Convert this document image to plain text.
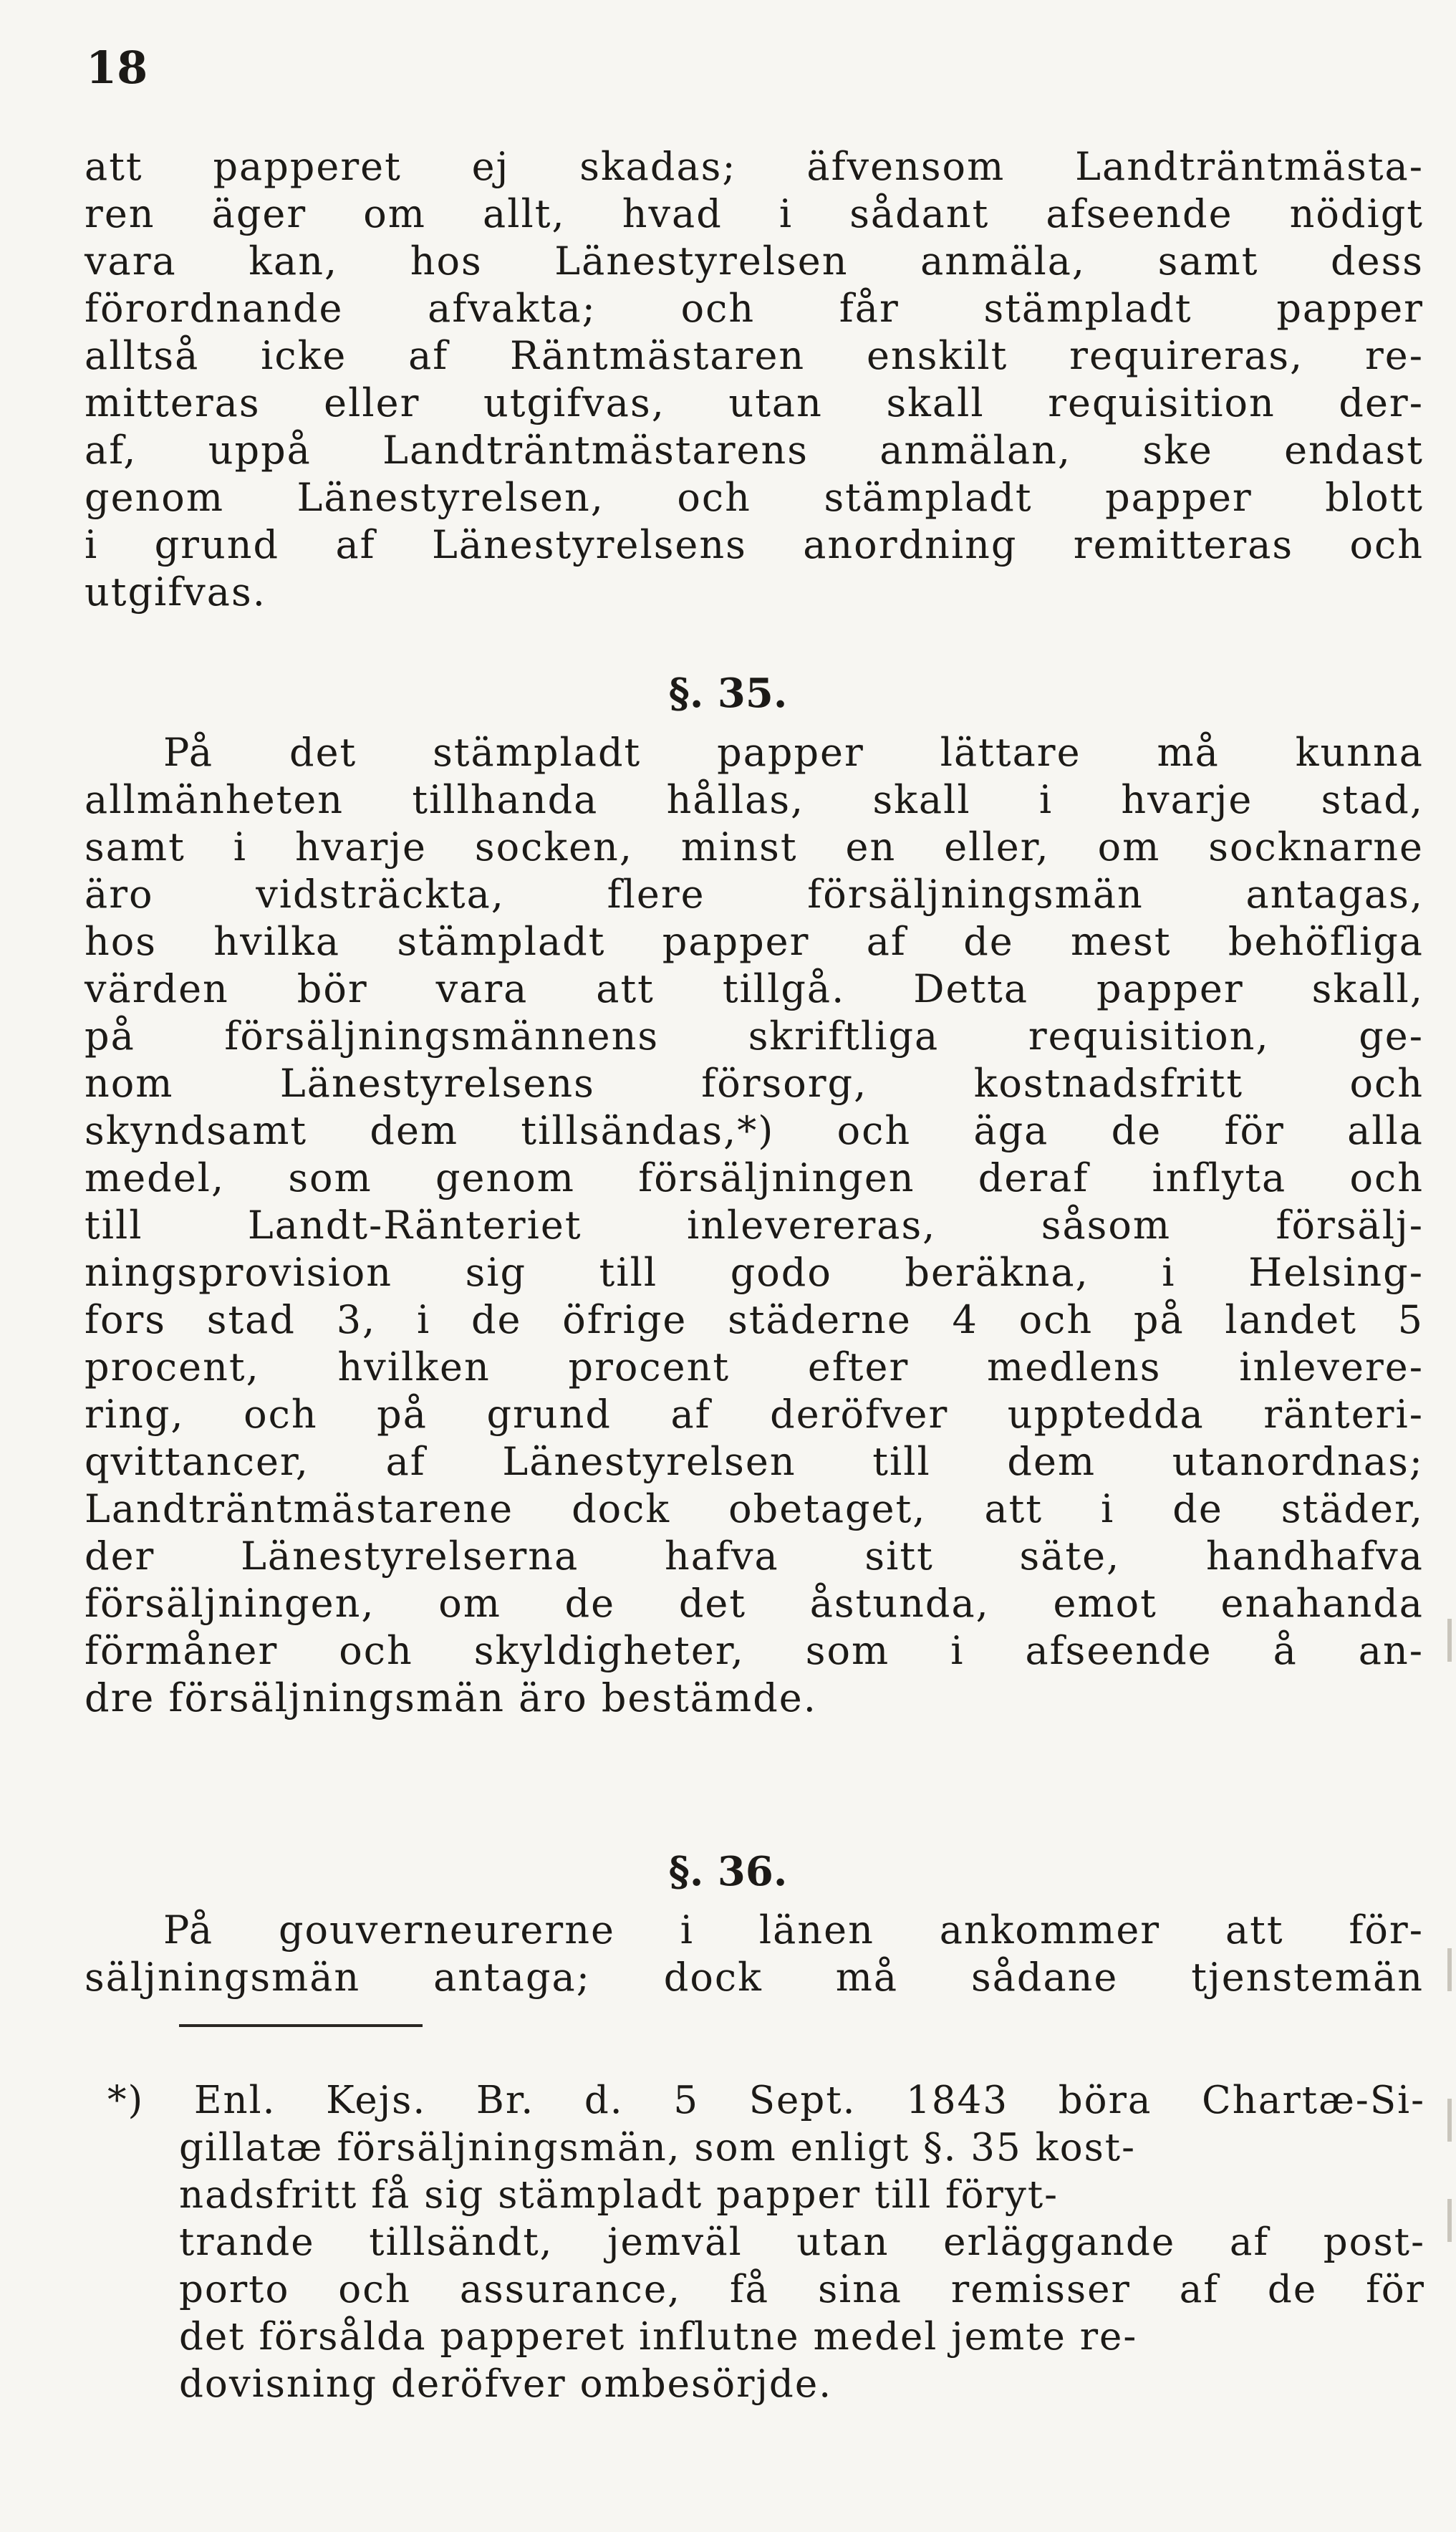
18
att papperet ej skadas; äfvensom Landträntmästa-
ren äger om allt, hvad i sådant afseende nödigt
vara kan, hos Länestyrelsen anmäla, samt dess
förordnande afvakta; och får stämpladt papper
alltså icke af Räntmästaren enskilt requireras, re-
mitteras eller utgifvas, utan skall requisition der-
af, uppå Landträntmästarens anmälan, ske endast
genom Länestyrelsen, och stämpladt papper blott
i grund af Länestyrelsens anordning remitteras och
utgifvas.
§. 35.
På det stämpladt papper lättare må kunna
allmänheten tillhanda hållas, skall i hvarje stad,
samt i hvarje socken, minst en eller, om socknarne
äro vidsträckta, flere försäljningsmän antagas,
hos hvilka stämpladt papper af de mest behöfliga
värden bör vara att tillgå. Detta papper skall,
på försäljningsmännens skriftliga requisition, ge-
nom Länestyrelsens försorg, kostnadsfritt och
skyndsamt dem tillsändas,*) och äga de för alla
medel, som genom försäljningen deraf inflyta och
till Landt-Ränteriet inlevereras, såsom försälj-
ningsprovision sig till godo beräkna, i Helsing-
fors stad 3, i de öfrige städerne 4 och på landet 5
procent, hvilken procent efter medlens inlevere-
ring, och på grund af deröfver upptedda ränteri-
qvittancer, af Länestyrelsen till dem utanordnas;
Landträntmästarene dock obetaget, att i de städer,
der Länestyrelserna hafva sitt säte, handhafva
försäljningen, om de det åstunda, emot enahanda
förmåner och skyldigheter, som i afseende å an-
dre försäljningsmän äro bestämde.
§. 36.
På gouverneurerne i länen ankommer att för-
säljningsmän antaga; dock må sådane tjenstemän
*) Enl. Kejs. Br. d. 5 Sept. 1843 böra Chartæ-Si-
gillatæ försäljningsmän, som enligt §. 35 kost-
nadsfritt få sig stämpladt papper till föryt-
trande tillsändt, jemväl utan erläggande af post-
porto och assurance, få sina remisser af de för
det försålda papperet influtne medel jemte re-
dovisning deröfver ombesörjde.
